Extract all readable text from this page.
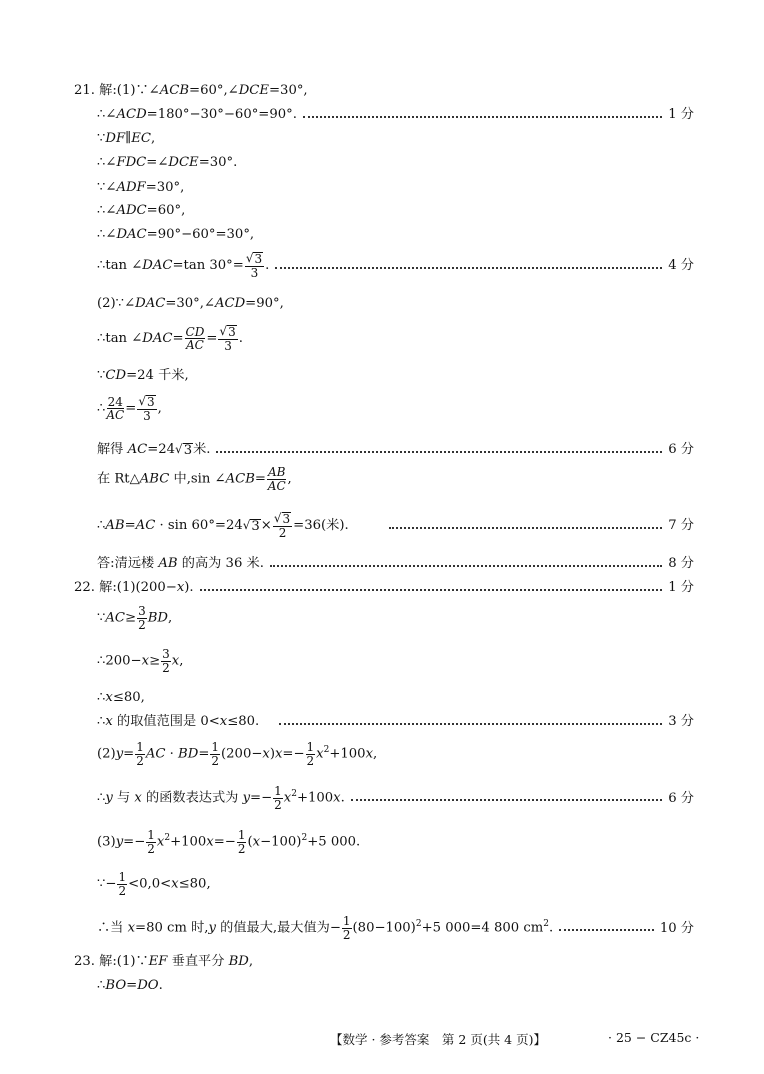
21. 解:(1)∵∠ACB=60°,∠DCE=30°,
∴∠ACD=180°−30°−60°=90°.	1 分
∵DF∥EC,
∴∠FDC=∠DCE=30°.
∵∠ADF=30°,
∴∠ADC=60°,
∴∠DAC=90°−60°=30°,
∴tan ∠DAC=tan $30^\circ= \frac{√ 3}{3}$ .	4 分
(2)∵∠DAC=30°,∠ACD=90°,
∴tan ∠DAC= $\frac{CD}{AC} = \frac{√ 3}{3}$ .
∵CD=24 千米,
∴ $\frac{24}{AC} = \frac{√ 3}{3}$ ,
解得 AC=24 √ 3 米.	6 分
在 Rt△ABC 中,sin ∠ACB= $\frac{AB}{AC}$ ,
∴AB=AC · sin 60°=24 √ $3 \times \frac{√ 3}{2} =36$(米).	7 分
答:清远楼 AB 的高为 36 米.	8 分
22. 解:(1)(200−x).	1 分
∵AC≥ $\frac{3}{2}$ BD,
∴200−x≥ $\frac{3}{2} x$,
∴x≤80,
∴x 的取值范围是 0<x≤80.	3 分
$(2)y= \frac{1}{2}$ AC · $BD= \frac{1}{2} (200-x)x=- \frac{1}{2} x^2+100x$,
∴y 与 x 的函数表达式为 $y=- \frac{1}{2} x^2+100x$.	6 分
$(3)y=- \frac{1}{2} x^2+100x=- \frac{1}{2} (x-100)^2+5$ 000.
∵− $\frac{1}{2} <0,0<x\le 80$,
∴当 x=80 cm 时,y 的值最大,最大值为− $\frac{1}{2} (80-100)^2+5$ 000=4 800 $cm^2$.	10 分
23. 解:(1)∵EF 垂直平分 BD,
∴BO=DO.
【数学 · 参考答案　第 2 页(共 4 页)】	· 25 − CZ45c ·
